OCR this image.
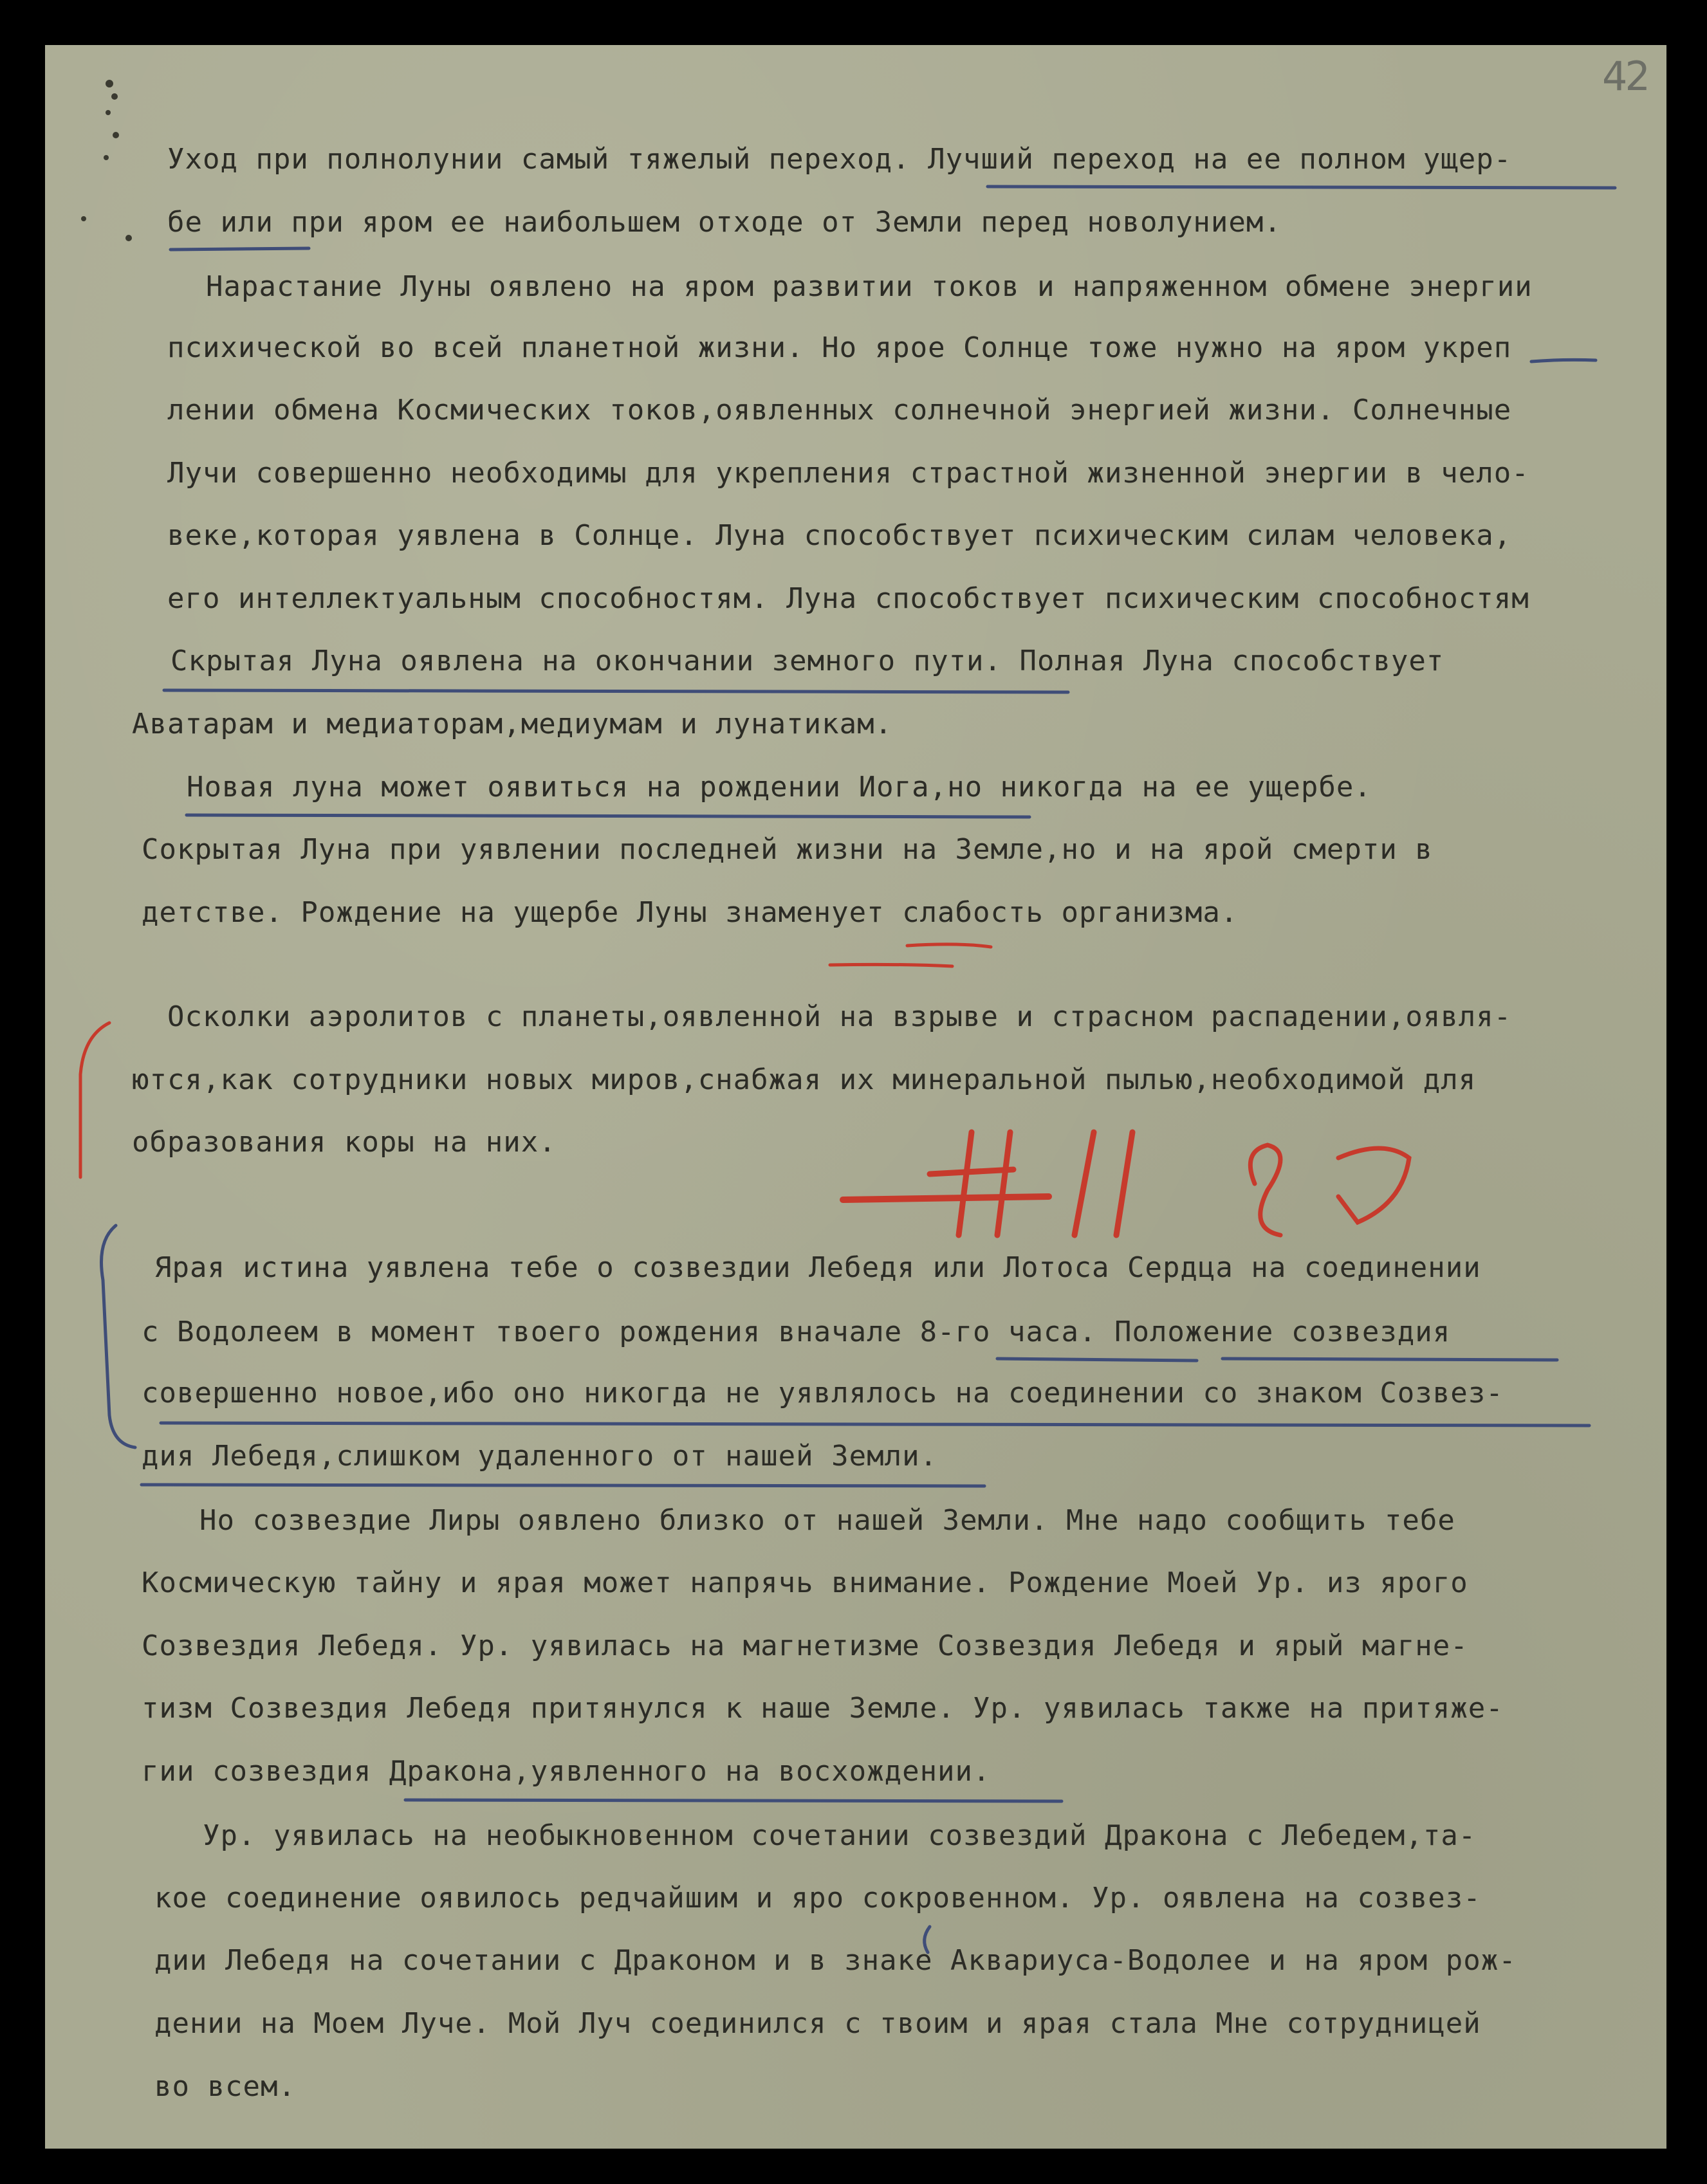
42
Уход при полнолунии самый тяжелый переход. Лучший переход на ее полном ущер-
бе или при яром ее наибольшем отходе от Земли перед новолунием.
Нарастание Луны оявлено на яром развитии токов и напряженном обмене энергии
психической во всей планетной жизни. Но ярое Солнце тоже нужно на яром укреп
лении обмена Космических токов,оявленных солнечной энергией жизни. Солнечные
Лучи совершенно необходимы для укрепления страстной жизненной энергии в чело-
веке,которая уявлена в Солнце. Луна способствует психическим силам человека,
его интеллектуальным способностям. Луна способствует психическим способностям
Скрытая Луна оявлена на окончании земного пути. Полная Луна способствует
Аватарам и медиаторам,медиумам и лунатикам.
Новая луна может оявиться на рождении Иога,но никогда на ее ущербе.
Сокрытая Луна при уявлении последней жизни на Земле,но и на ярой смерти в
детстве. Рождение на ущербе Луны знаменует слабость организма.
Осколки аэролитов с планеты,оявленной на взрыве и страсном распадении,оявля-
ются,как сотрудники новых миров,снабжая их минеральной пылью,необходимой для
образования коры на них.
Ярая истина уявлена тебе о созвездии Лебедя или Лотоса Сердца на соединении
с Водолеем в момент твоего рождения вначале 8-го часа. Положение созвездия
совершенно новое,ибо оно никогда не уявлялось на соединении со знаком Созвез-
дия Лебедя,слишком удаленного от нашей Земли.
Но созвездие Лиры оявлено близко от нашей Земли. Мне надо сообщить тебе
Космическую тайну и ярая может напрячь внимание. Рождение Моей Ур. из ярого
Созвездия Лебедя. Ур. уявилась на магнетизме Созвездия Лебедя и ярый магне-
тизм Созвездия Лебедя притянулся к наше Земле. Ур. уявилась также на притяже-
гии созвездия Дракона,уявленного на восхождении.
Ур. уявилась на необыкновенном сочетании созвездий Дракона с Лебедем,та-
кое соединение оявилось редчайшим и яро сокровенном. Ур. оявлена на созвез-
дии Лебедя на сочетании с Драконом и в знаке Аквариуса-Водолее и на яром рож-
дении на Моем Луче. Мой Луч соединился с твоим и ярая стала Мне сотрудницей
во всем.
